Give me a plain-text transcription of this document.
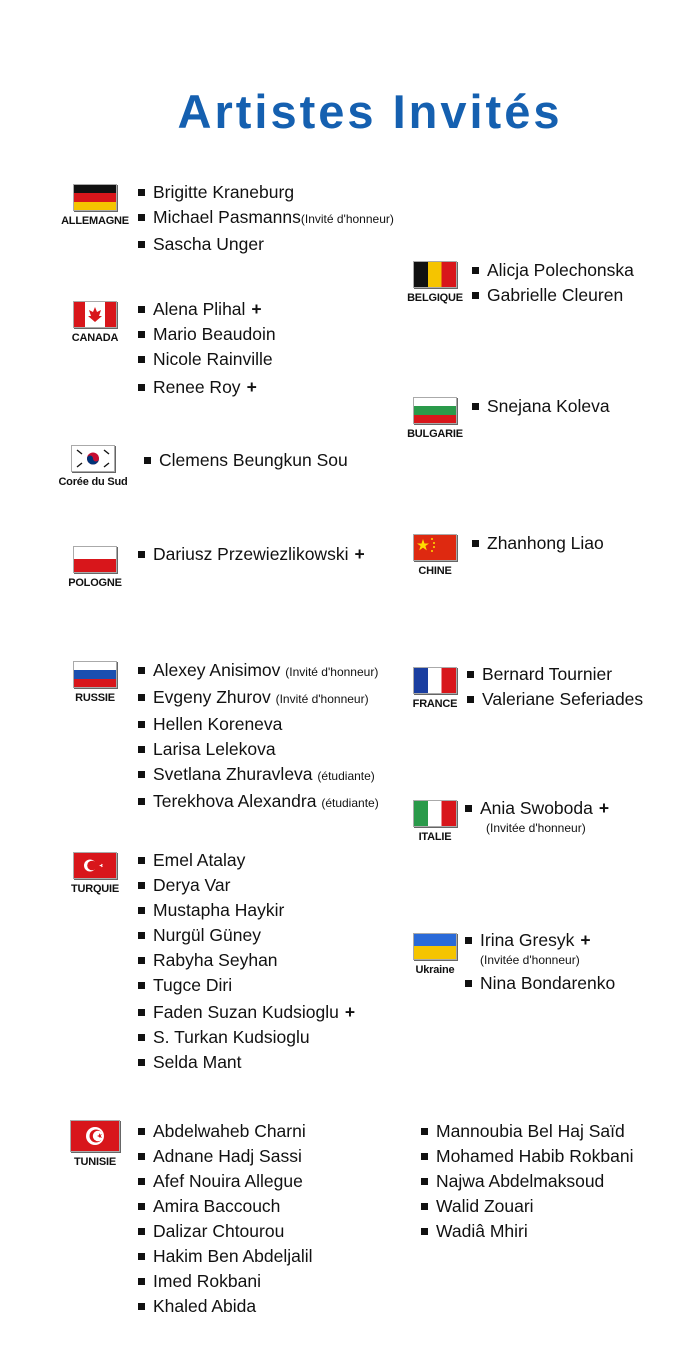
Artistes Invités
ALLEMAGNE
Brigitte Kraneburg
Michael Pasmanns(Invité d'honneur)
Sascha Unger
CANADA
Alena Plihal +
Mario Beaudoin
Nicole Rainville
Renee Roy +
Corée du Sud
Clemens Beungkun Sou
POLOGNE
Dariusz Przewiezlikowski +
RUSSIE
Alexey Anisimov (Invité d'honneur)
Evgeny Zhurov (Invité d'honneur)
Hellen Koreneva
Larisa Lelekova
Svetlana Zhuravleva (étudiante)
Terekhova Alexandra (étudiante)
TURQUIE
Emel Atalay
Derya Var
Mustapha Haykir
Nurgül Güney
Rabyha Seyhan
Tugce Diri
Faden Suzan Kudsioglu +
S. Turkan Kudsioglu
Selda Mant
TUNISIE
Abdelwaheb Charni
Adnane Hadj Sassi
Afef Nouira Allegue
Amira Baccouch
Dalizar Chtourou
Hakim Ben Abdeljalil
Imed Rokbani
Khaled Abida
Mannoubia Bel Haj Saïd
Mohamed Habib Rokbani
Najwa Abdelmaksoud
Walid Zouari
Wadiâ Mhiri
BELGIQUE
Alicja Polechonska
Gabrielle Cleuren
BULGARIE
Snejana Koleva
CHINE
Zhanhong Liao
FRANCE
Bernard Tournier
Valeriane Seferiades
ITALIE
Ania Swoboda +
(Invitée d'honneur)
Ukraine
Irina Gresyk +
(Invitée d'honneur)
Nina Bondarenko
